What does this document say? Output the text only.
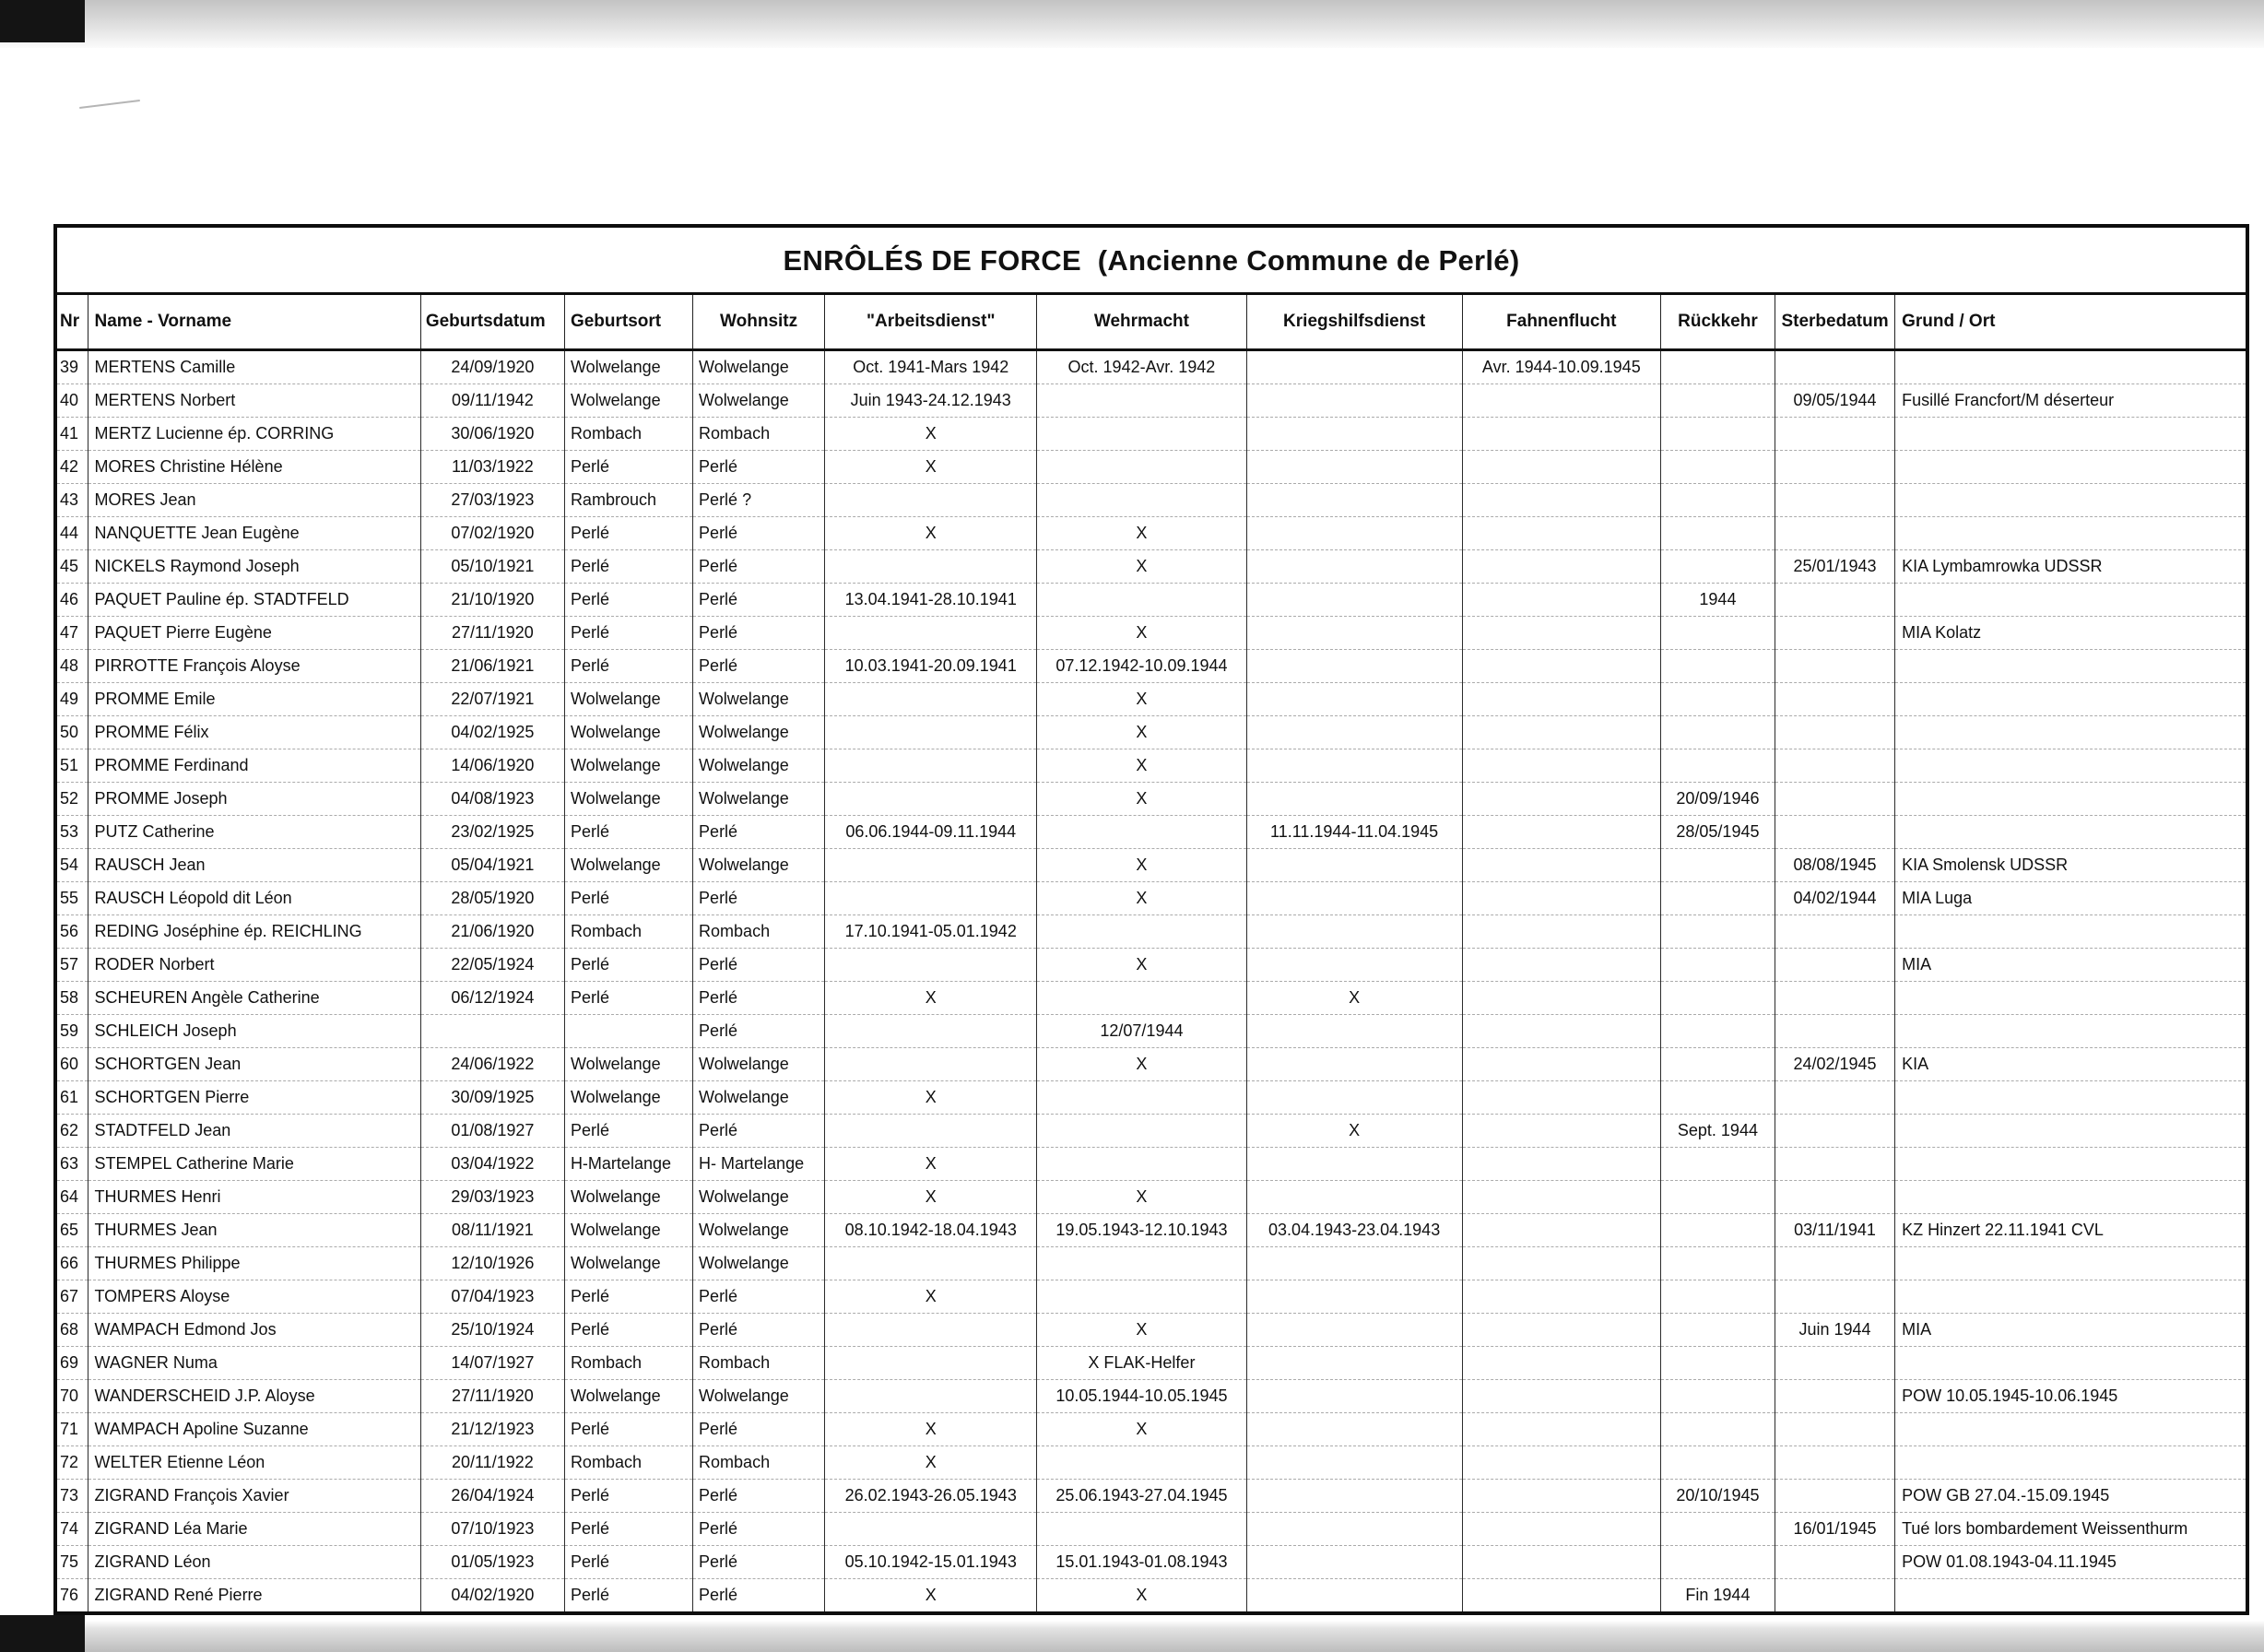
ENRÔLÉS DE FORCE  (Ancienne Commune de Perlé)
Nr	Name - Vorname	Geburtsdatum	Geburtsort	Wohnsitz	"Arbeitsdienst"	Wehrmacht	Kriegshilfsdienst	Fahnenflucht	Rückkehr	Sterbedatum	Grund / Ort
39	MERTENS Camille	24/09/1920	Wolwelange	Wolwelange	Oct. 1941-Mars 1942	Oct. 1942-Avr. 1942		Avr. 1944-10.09.1945			
40	MERTENS Norbert	09/11/1942	Wolwelange	Wolwelange	Juin 1943-24.12.1943					09/05/1944	Fusillé Francfort/M déserteur
41	MERTZ Lucienne ép. CORRING	30/06/1920	Rombach	Rombach	X						
42	MORES Christine Hélène	11/03/1922	Perlé	Perlé	X						
43	MORES Jean	27/03/1923	Rambrouch	Perlé ?							
44	NANQUETTE Jean Eugène	07/02/1920	Perlé	Perlé	X	X					
45	NICKELS Raymond Joseph	05/10/1921	Perlé	Perlé		X				25/01/1943	KIA Lymbamrowka UDSSR
46	PAQUET Pauline ép. STADTFELD	21/10/1920	Perlé	Perlé	13.04.1941-28.10.1941				1944		
47	PAQUET Pierre Eugène	27/11/1920	Perlé	Perlé		X					MIA Kolatz
48	PIRROTTE François Aloyse	21/06/1921	Perlé	Perlé	10.03.1941-20.09.1941	07.12.1942-10.09.1944					
49	PROMME Emile	22/07/1921	Wolwelange	Wolwelange		X					
50	PROMME Félix	04/02/1925	Wolwelange	Wolwelange		X					
51	PROMME Ferdinand	14/06/1920	Wolwelange	Wolwelange		X					
52	PROMME Joseph	04/08/1923	Wolwelange	Wolwelange		X			20/09/1946		
53	PUTZ Catherine	23/02/1925	Perlé	Perlé	06.06.1944-09.11.1944		11.11.1944-11.04.1945		28/05/1945		
54	RAUSCH Jean	05/04/1921	Wolwelange	Wolwelange		X				08/08/1945	KIA Smolensk UDSSR
55	RAUSCH Léopold dit Léon	28/05/1920	Perlé	Perlé		X				04/02/1944	MIA Luga
56	REDING Joséphine ép. REICHLING	21/06/1920	Rombach	Rombach	17.10.1941-05.01.1942						
57	RODER Norbert	22/05/1924	Perlé	Perlé		X					MIA
58	SCHEUREN Angèle Catherine	06/12/1924	Perlé	Perlé	X		X				
59	SCHLEICH Joseph			Perlé		12/07/1944					
60	SCHORTGEN Jean	24/06/1922	Wolwelange	Wolwelange		X				24/02/1945	KIA
61	SCHORTGEN Pierre	30/09/1925	Wolwelange	Wolwelange	X						
62	STADTFELD Jean	01/08/1927	Perlé	Perlé			X		Sept. 1944		
63	STEMPEL Catherine Marie	03/04/1922	H-Martelange	H- Martelange	X						
64	THURMES Henri	29/03/1923	Wolwelange	Wolwelange	X	X					
65	THURMES Jean	08/11/1921	Wolwelange	Wolwelange	08.10.1942-18.04.1943	19.05.1943-12.10.1943	03.04.1943-23.04.1943			03/11/1941	KZ Hinzert 22.11.1941 CVL
66	THURMES Philippe	12/10/1926	Wolwelange	Wolwelange							
67	TOMPERS Aloyse	07/04/1923	Perlé	Perlé	X						
68	WAMPACH Edmond Jos	25/10/1924	Perlé	Perlé		X				Juin 1944	MIA
69	WAGNER Numa	14/07/1927	Rombach	Rombach		X FLAK-Helfer					
70	WANDERSCHEID J.P. Aloyse	27/11/1920	Wolwelange	Wolwelange		10.05.1944-10.05.1945					POW 10.05.1945-10.06.1945
71	WAMPACH Apoline Suzanne	21/12/1923	Perlé	Perlé	X	X					
72	WELTER Etienne Léon	20/11/1922	Rombach	Rombach	X						
73	ZIGRAND François Xavier	26/04/1924	Perlé	Perlé	26.02.1943-26.05.1943	25.06.1943-27.04.1945			20/10/1945		POW GB 27.04.-15.09.1945
74	ZIGRAND Léa Marie	07/10/1923	Perlé	Perlé						16/01/1945	Tué lors bombardement Weissenthurm
75	ZIGRAND Léon	01/05/1923	Perlé	Perlé	05.10.1942-15.01.1943	15.01.1943-01.08.1943					POW 01.08.1943-04.11.1945
76	ZIGRAND René Pierre	04/02/1920	Perlé	Perlé	X	X			Fin 1944		
